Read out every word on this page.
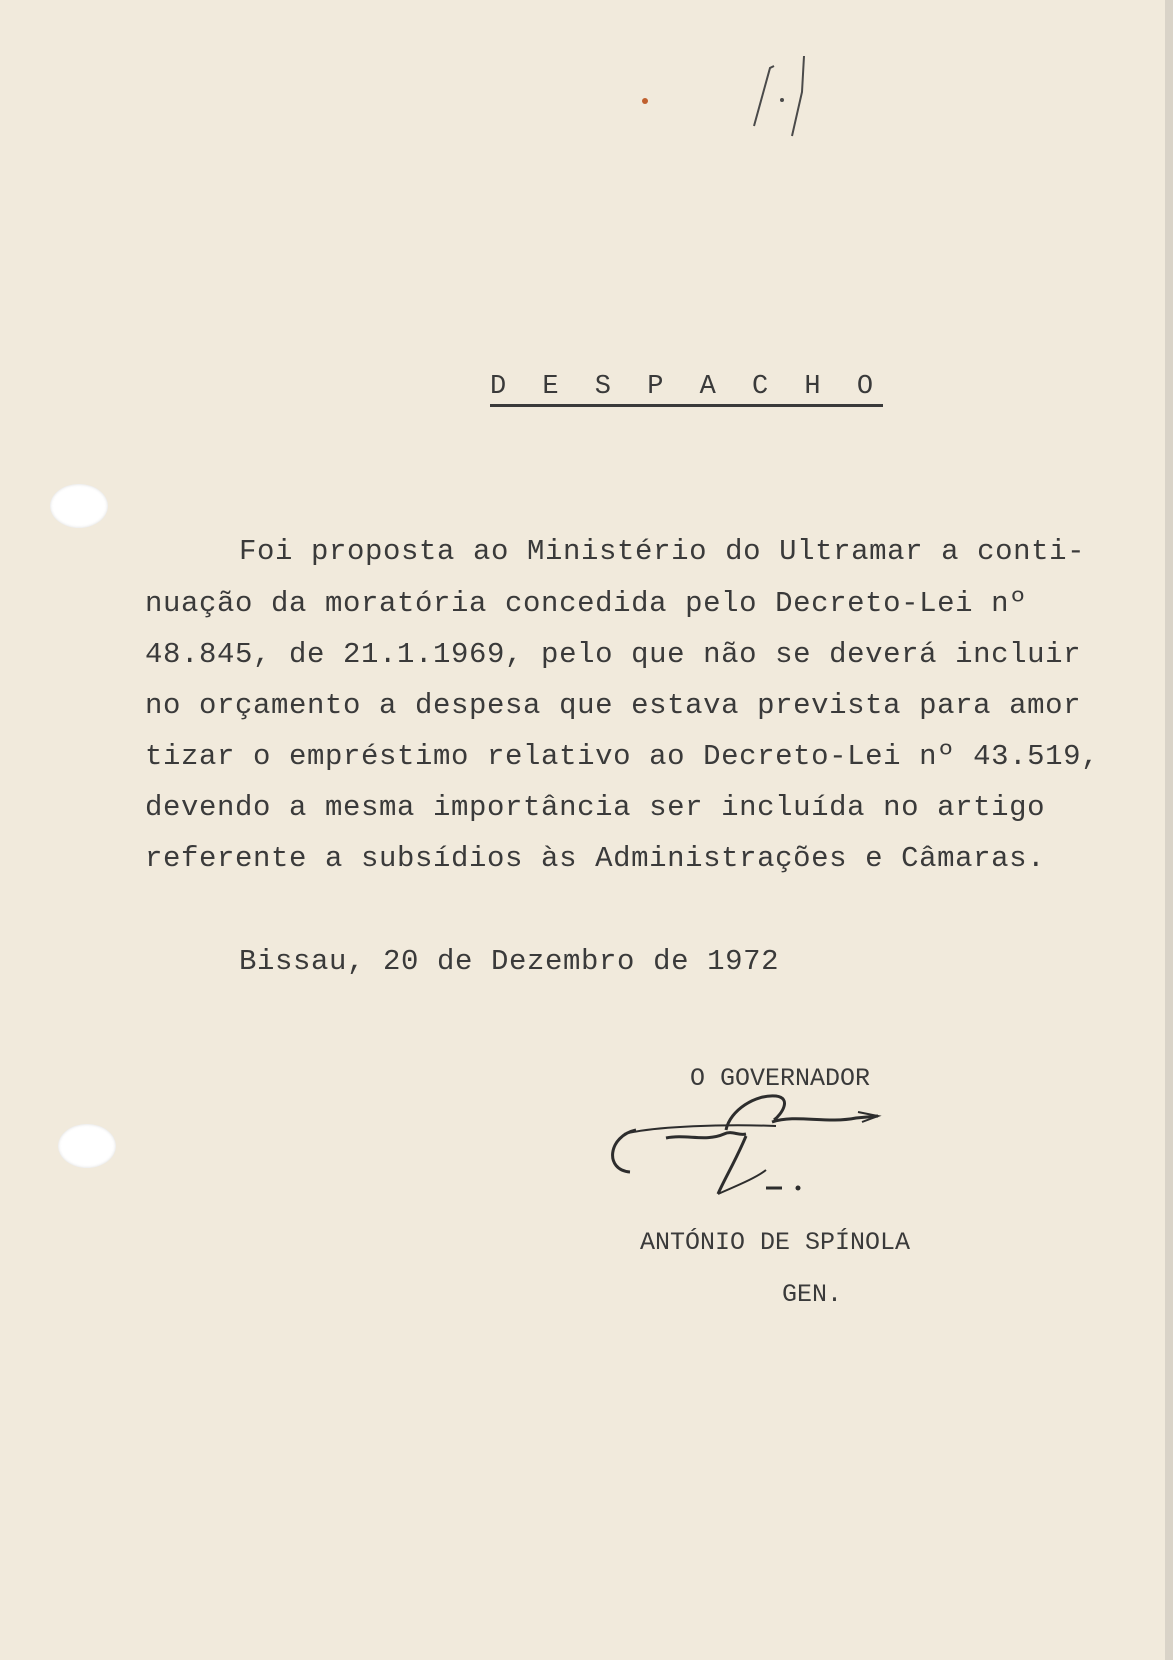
D E S P A C H O
Foi proposta ao Ministério do Ultramar a conti-
nuação da moratória concedida pelo Decreto-Lei nº
48.845, de 21.1.1969, pelo que não se deverá incluir
no orçamento a despesa que estava prevista para amor
tizar o empréstimo relativo ao Decreto-Lei nº 43.519,
devendo a mesma importância ser incluída no artigo
referente a subsídios às Administrações e Câmaras.
Bissau, 20 de Dezembro de 1972
O GOVERNADOR
ANTÓNIO DE SPÍNOLA
GEN.
